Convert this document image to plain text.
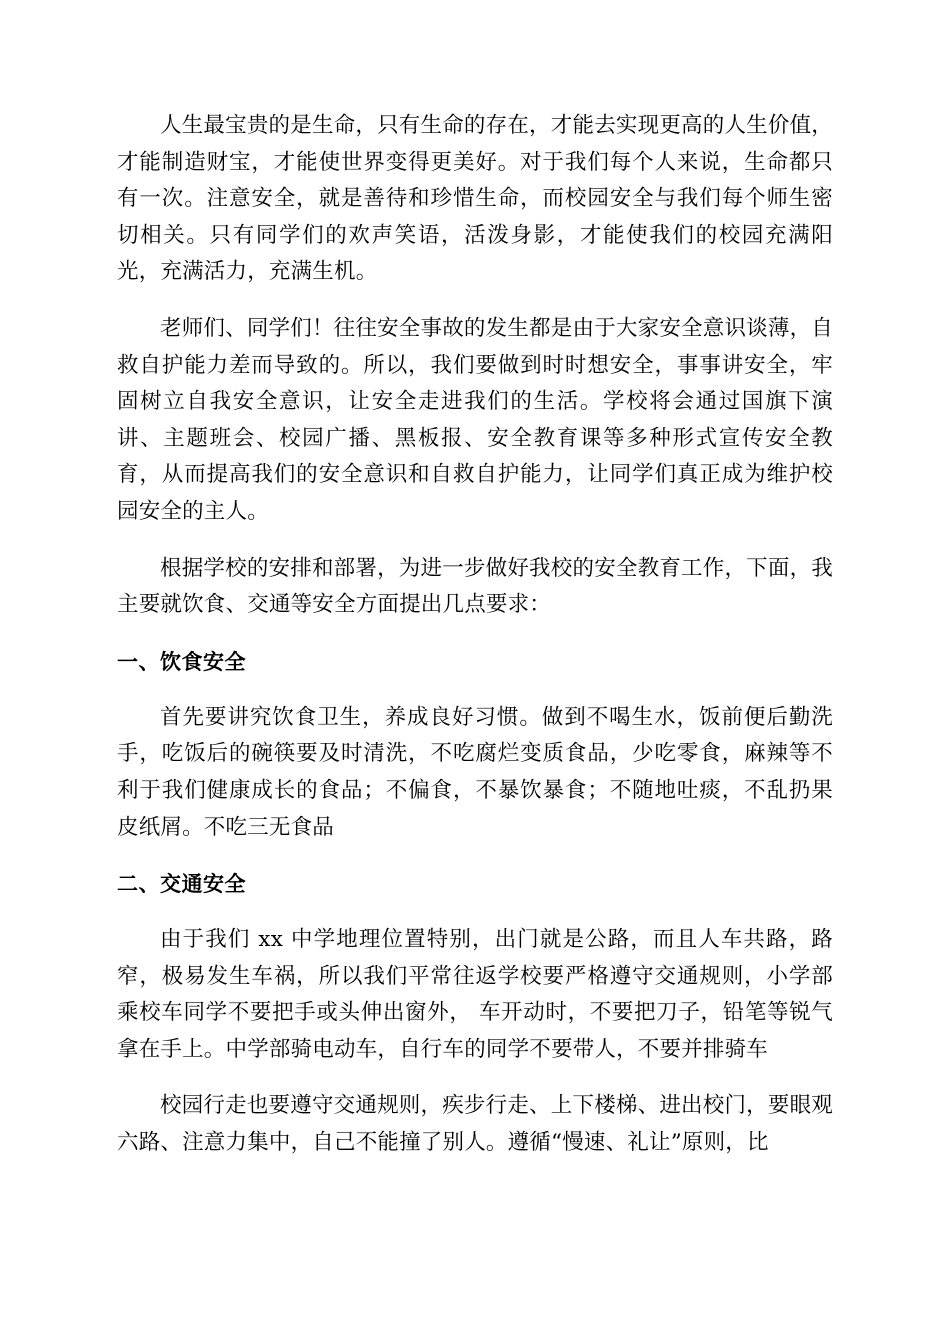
人生最宝贵的是生命，只有生命的存在，才能去实现更高的人生价值，才能制造财宝，才能使世界变得更美好。对于我们每个人来说，生命都只有一次。注意安全，就是善待和珍惜生命，而校园安全与我们每个师生密切相关。只有同学们的欢声笑语，活泼身影，才能使我们的校园充满阳光，充满活力，充满生机。

老师们、同学们！往往安全事故的发生都是由于大家安全意识谈薄，自救自护能力差而导致的。所以，我们要做到时时想安全，事事讲安全，牢固树立自我安全意识，让安全走进我们的生活。学校将会通过国旗下演讲、主题班会、校园广播、黑板报、安全教育课等多种形式宣传安全教育，从而提高我们的安全意识和自救自护能力，让同学们真正成为维护校园安全的主人。

根据学校的安排和部署，为进一步做好我校的安全教育工作，下面，我主要就饮食、交通等安全方面提出几点要求：

一、饮食安全

首先要讲究饮食卫生，养成良好习惯。做到不喝生水，饭前便后勤洗手，吃饭后的碗筷要及时清洗，不吃腐烂变质食品，少吃零食，麻辣等不利于我们健康成长的食品；不偏食，不暴饮暴食；不随地吐痰，不乱扔果皮纸屑。不吃三无食品

二、交通安全

由于我们 xx 中学地理位置特别，出门就是公路，而且人车共路，路窄，极易发生车祸，所以我们平常往返学校要严格遵守交通规则，小学部乘校车同学不要把手或头伸出窗外， 车开动时，不要把刀子，铅笔等锐气拿在手上。中学部骑电动车，自行车的同学不要带人，不要并排骑车

校园行走也要遵守交通规则，疾步行走、上下楼梯、进出校门，要眼观六路、注意力集中，自己不能撞了别人。遵循“慢速、礼让”原则，比
